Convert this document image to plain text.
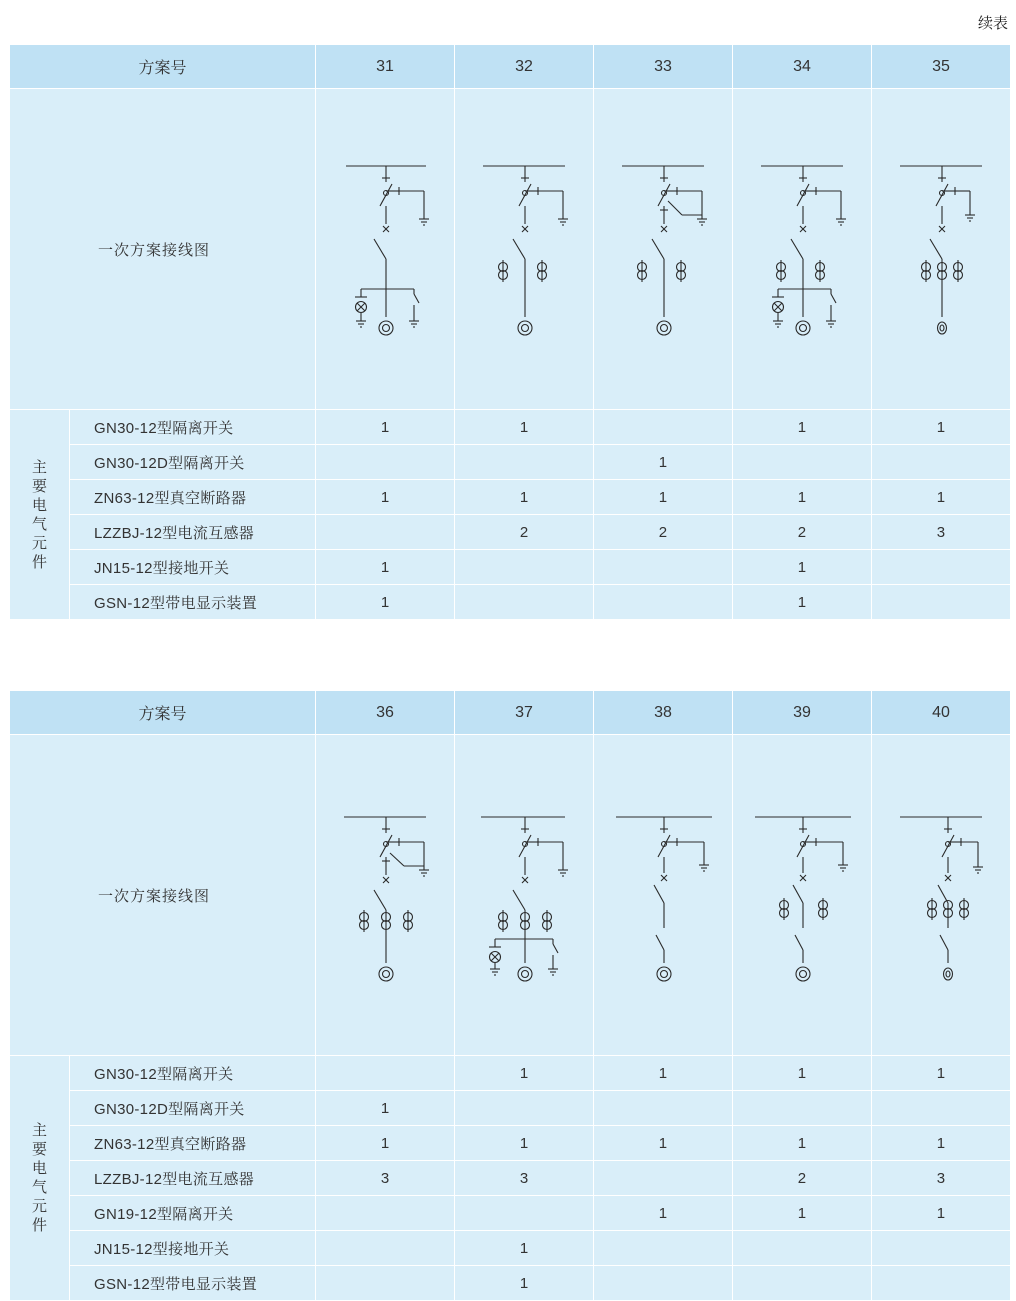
续表
方案号		31	32	33	34	35
一次方案接线图	

主要电气元件	GN30-12型隔离开关	1	1		1	1
	GN30-12D型隔离开关			1		
	ZN63-12型真空断路器	1	1	1	1	1
	LZZBJ-12型电流互感器		2	2	2	3
	JN15-12型接地开关	1			1	
	GSN-12型带电显示装置	1			1	
方案号		36	37	38	39	40
一次方案接线图	

主要电气元件	GN30-12型隔离开关		1	1	1	1
	GN30-12D型隔离开关	1				
	ZN63-12型真空断路器	1	1	1	1	1
	LZZBJ-12型电流互感器	3	3		2	3
	GN19-12型隔离开关			1	1	1
	JN15-12型接地开关		1			
	GSN-12型带电显示装置		1			
